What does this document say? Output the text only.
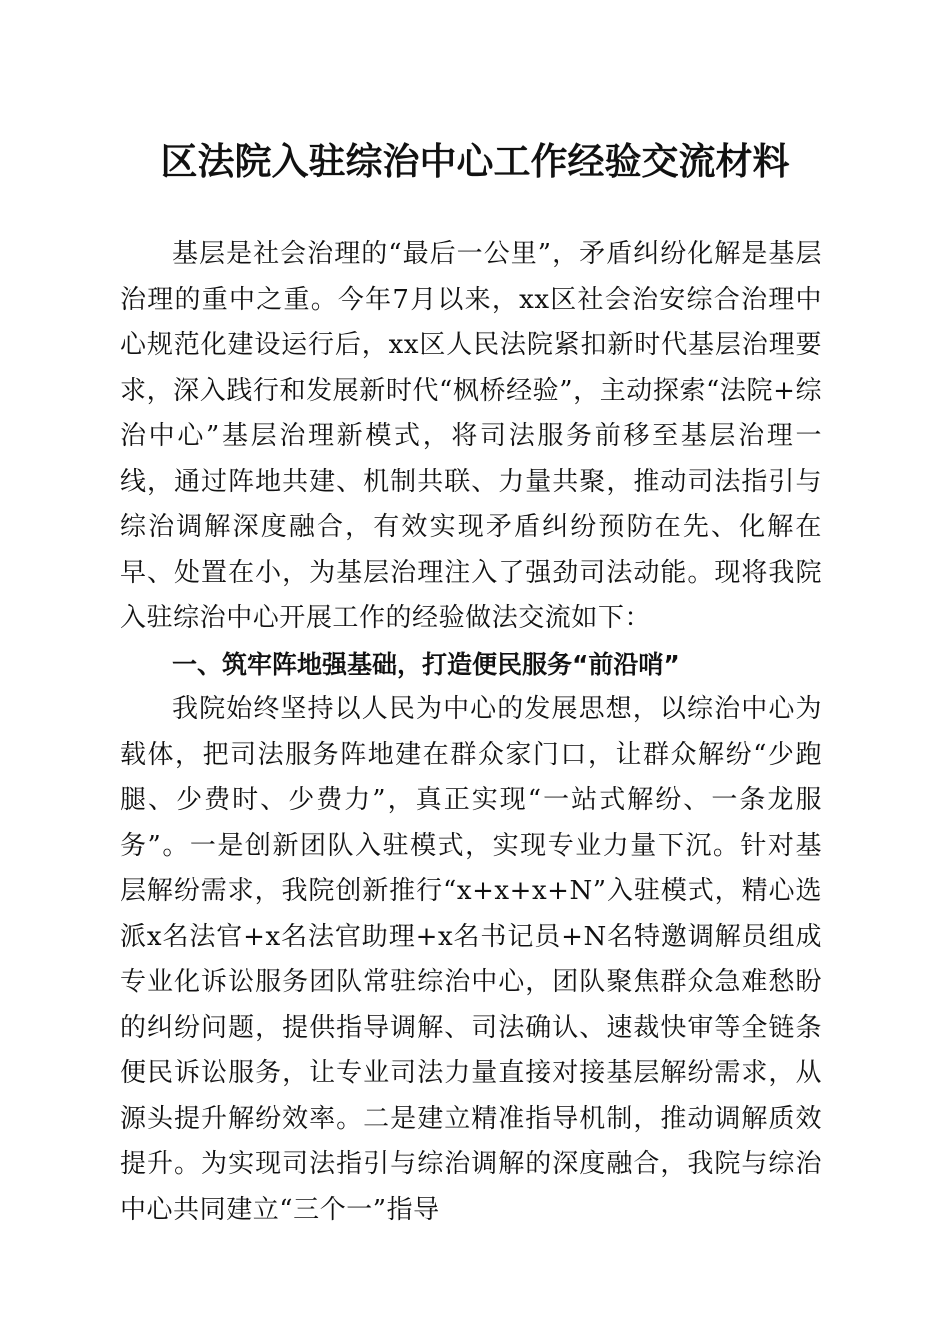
区法院入驻综治中心工作经验交流材料

基层是社会治理的“最后一公里”，矛盾纠纷化解是基层治理的重中之重。今年7月以来，xx区社会治安综合治理中心规范化建设运行后，xx区人民法院紧扣新时代基层治理要求，深入践行和发展新时代“枫桥经验”，主动探索“法院+综治中心”基层治理新模式，将司法服务前移至基层治理一线，通过阵地共建、机制共联、力量共聚，推动司法指引与综治调解深度融合，有效实现矛盾纠纷预防在先、化解在早、处置在小，为基层治理注入了强劲司法动能。现将我院入驻综治中心开展工作的经验做法交流如下：

一、筑牢阵地强基础，打造便民服务“前沿哨”

我院始终坚持以人民为中心的发展思想，以综治中心为载体，把司法服务阵地建在群众家门口，让群众解纷“少跑腿、少费时、少费力”，真正实现“一站式解纷、一条龙服务”。一是创新团队入驻模式，实现专业力量下沉。针对基层解纷需求，我院创新推行“x+x+x+N”入驻模式，精心选派x名法官+x名法官助理+x名书记员+N名特邀调解员组成专业化诉讼服务团队常驻综治中心，团队聚焦群众急难愁盼的纠纷问题，提供指导调解、司法确认、速裁快审等全链条便民诉讼服务，让专业司法力量直接对接基层解纷需求，从源头提升解纷效率。二是建立精准指导机制，推动调解质效提升。为实现司法指引与综治调解的深度融合，我院与综治中心共同建立“三个一”指导
